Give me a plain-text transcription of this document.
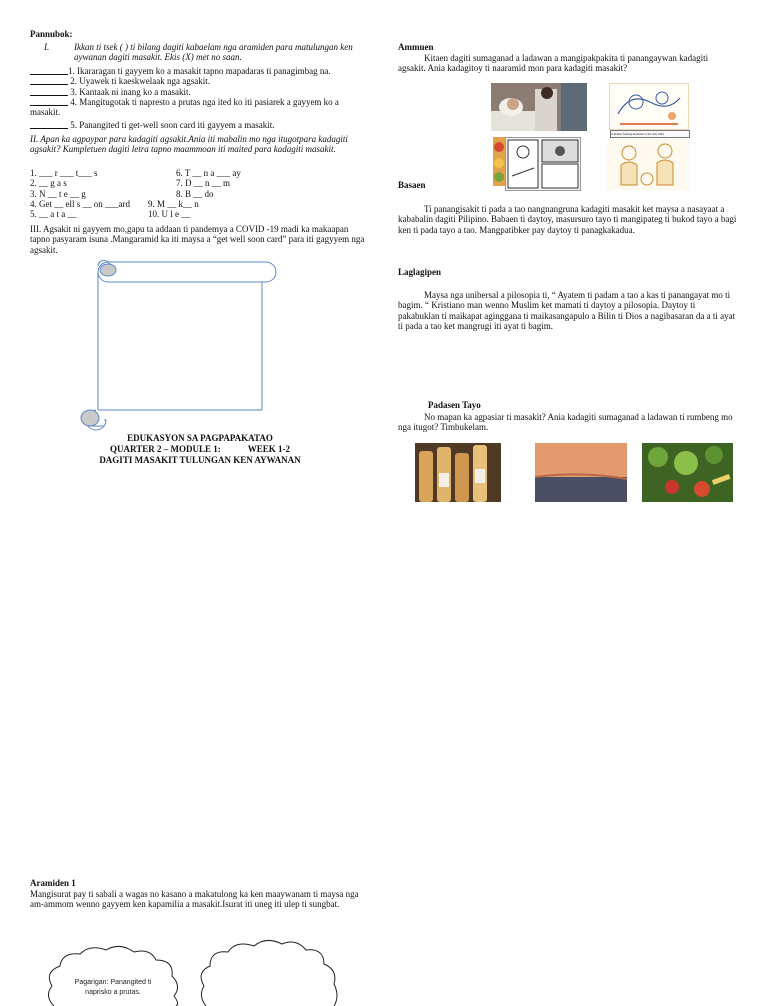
Pannubok:
I.	Ikkan ti tsek ( ) ti bilang dagiti kabaelam nga aramiden para matulungan ken aywanan dagiti masakit. Ekis (X) met no saan.
1. Ikararagan ti gayyem ko a masakit tapno mapadaras ti panagimbag na.
2. Uyawek ti kaeskwelaak nga agsakit.
3. Kantaak ni inang ko a masakit.
4. Mangitugotak ti napresto a prutas nga ited ko iti pasiarek a gayyem ko a masakit.
5. Panangited ti get-well soon card iti gayyem a masakit.
II. Apan ka agpaypar para kadagiti agsakit.Ania iti mabalin mo nga itugotpara kadagiti agsakit? Kumpletuen dagiti letra tapno maammoan iti maited para kadagiti masakit.
1. ___ r ___ t___ s	6. T __ n a ___ ay
2. __ g a s	7. D __ n __ m
3. N __ t e __ g	8. B __ do
4. Get __ ell s __ on ___ard	9. M __ k__ n
5. __ a t a __	10. U l e __
III. Agsakit ni gayyem mo,gapu ta addaan ti pandemya a COVID -19 madi ka makaapan tapno pasyaram isuna .Mangaramid ka iti maysa a “get well soon card” para iti gagyyem nga agsakit.
EDUKASYON SA PAGPAPAKATAO
QUARTER 2 – MODULE 1:	WEEK 1-2
DAGITI MASAKIT TULUNGAN KEN AYWANAN
Ammuen
Kitaen dagiti sumaganad a ladawan a mangipakpakita ti panangaywan kadagiti agsakit. Ania kadagitoy ti naaramid mon para kadagiti masakit?
A mother feeding medicine to her sick child
Basaen
Ti panangisakit ti pada a tao nangnangruna kadagiti masakit ket maysa a nasayaat a kababalin dagiti Pilipino. Babaen ti daytoy, masursuro tayo ti mangipateg ti bukod tayo a bagi ken ti pada tayo a tao. Mangpatibker pay daytoy ti panagkakadua.
Laglagipen
Maysa nga unibersal a pilosopia ti, “ Ayatem ti padam a tao a kas ti panangayat mo ti bagim. “ Kristiano man wenno Muslim ket mamati ti daytoy a pilosopia. Daytoy ti pakabuklan ti maikapat aginggana ti maikasangapulo a Bilin ti Dios a nagibasaran da a ti ayat ti pada a tao ket mangrugi iti ayat ti bagim.
Padasen Tayo
No mapan ka agpasiar ti masakit? Ania kadagiti sumaganad a ladawan ti rumbeng mo nga itugot? Timbukelam.
Aramiden 1
Mangisurat pay ti sabali a wagas no kasano a makatulong ka ken maaywanam ti maysa nga am-ammom wenno gayyem ken kapamilia a masakit.Isurat iti uneg iti ulep ti sungbat.
Pagarigan: Panangited ti naprisko a prutas.
